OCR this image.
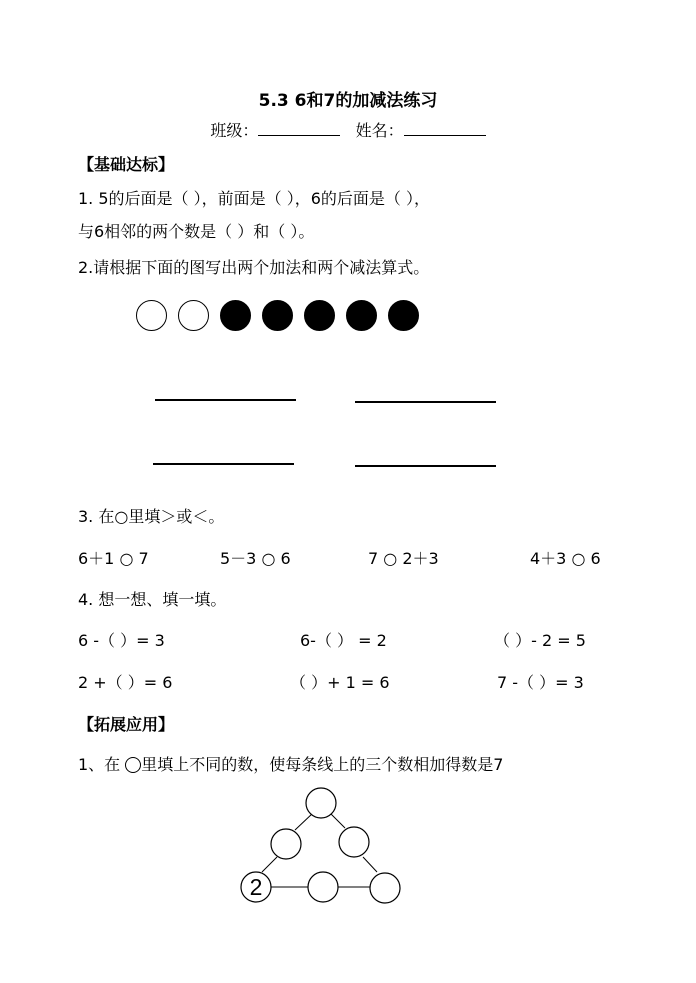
5.3 6和7的加减法练习
班级：	姓名：
【基础达标】
1. 5的后面是（ ），前面是（ ），6的后面是（ ），
与6相邻的两个数是（ ）和（ ）。
2.请根据下面的图写出两个加法和两个减法算式。
3. 在○里填＞或＜。
6＋1 ○ 7	5－3 ○ 6	7 ○ 2＋3	4＋3 ○ 6
4. 想一想、填一填。
6 -（ ）= 3	6-（ ） = 2	（ ）- 2 = 5
2 +（ ）= 6	（ ）+ 1 = 6	7 -（ ）= 3
【拓展应用】
1、在 里填上不同的数，使每条线上的三个数相加得数是7
2
